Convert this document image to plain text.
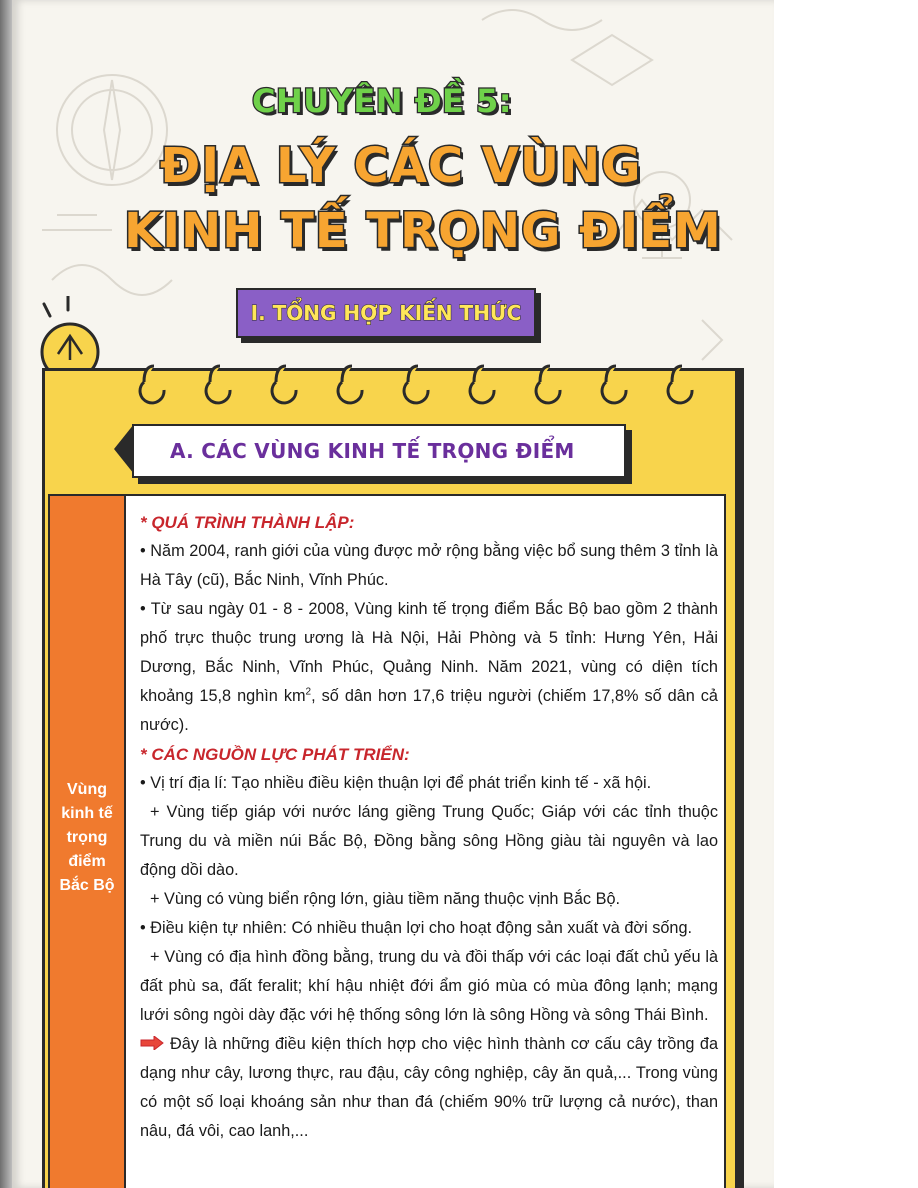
CHUYÊN ĐỀ 5:
ĐỊA LÝ CÁC VÙNG
KINH TẾ TRỌNG ĐIỂM
I. TỔNG HỢP KIẾN THỨC
A. CÁC VÙNG KINH TẾ TRỌNG ĐIỂM
Vùng
kinh tế
trọng
điểm
Bắc Bộ
* QUÁ TRÌNH THÀNH LẬP:
• Năm 2004, ranh giới của vùng được mở rộng bằng việc bổ sung thêm 3 tỉnh là Hà Tây (cũ), Bắc Ninh, Vĩnh Phúc.
• Từ sau ngày 01 - 8 - 2008, Vùng kinh tế trọng điểm Bắc Bộ bao gồm 2 thành phố trực thuộc trung ương là Hà Nội, Hải Phòng và 5 tỉnh: Hưng Yên, Hải Dương, Bắc Ninh, Vĩnh Phúc, Quảng Ninh. Năm 2021, vùng có diện tích khoảng 15,8 nghìn $km^2$, số dân hơn 17,6 triệu người (chiếm 17,8% số dân cả nước).
* CÁC NGUỒN LỰC PHÁT TRIỂN:
• Vị trí địa lí: Tạo nhiều điều kiện thuận lợi để phát triển kinh tế - xã hội.
+ Vùng tiếp giáp với nước láng giềng Trung Quốc; Giáp với các tỉnh thuộc Trung du và miền núi Bắc Bộ, Đồng bằng sông Hồng giàu tài nguyên và lao động dồi dào.
+ Vùng có vùng biển rộng lớn, giàu tiềm năng thuộc vịnh Bắc Bộ.
• Điều kiện tự nhiên: Có nhiều thuận lợi cho hoạt động sản xuất và đời sống.
+ Vùng có địa hình đồng bằng, trung du và đồi thấp với các loại đất chủ yếu là đất phù sa, đất feralit; khí hậu nhiệt đới ẩm gió mùa có mùa đông lạnh; mạng lưới sông ngòi dày đặc với hệ thống sông lớn là sông Hồng và sông Thái Bình.
Đây là những điều kiện thích hợp cho việc hình thành cơ cấu cây trồng đa dạng như cây, lương thực, rau đậu, cây công nghiệp, cây ăn quả,... Trong vùng có một số loại khoáng sản như than đá (chiếm 90% trữ lượng cả nước), than nâu, đá vôi, cao lanh,...
